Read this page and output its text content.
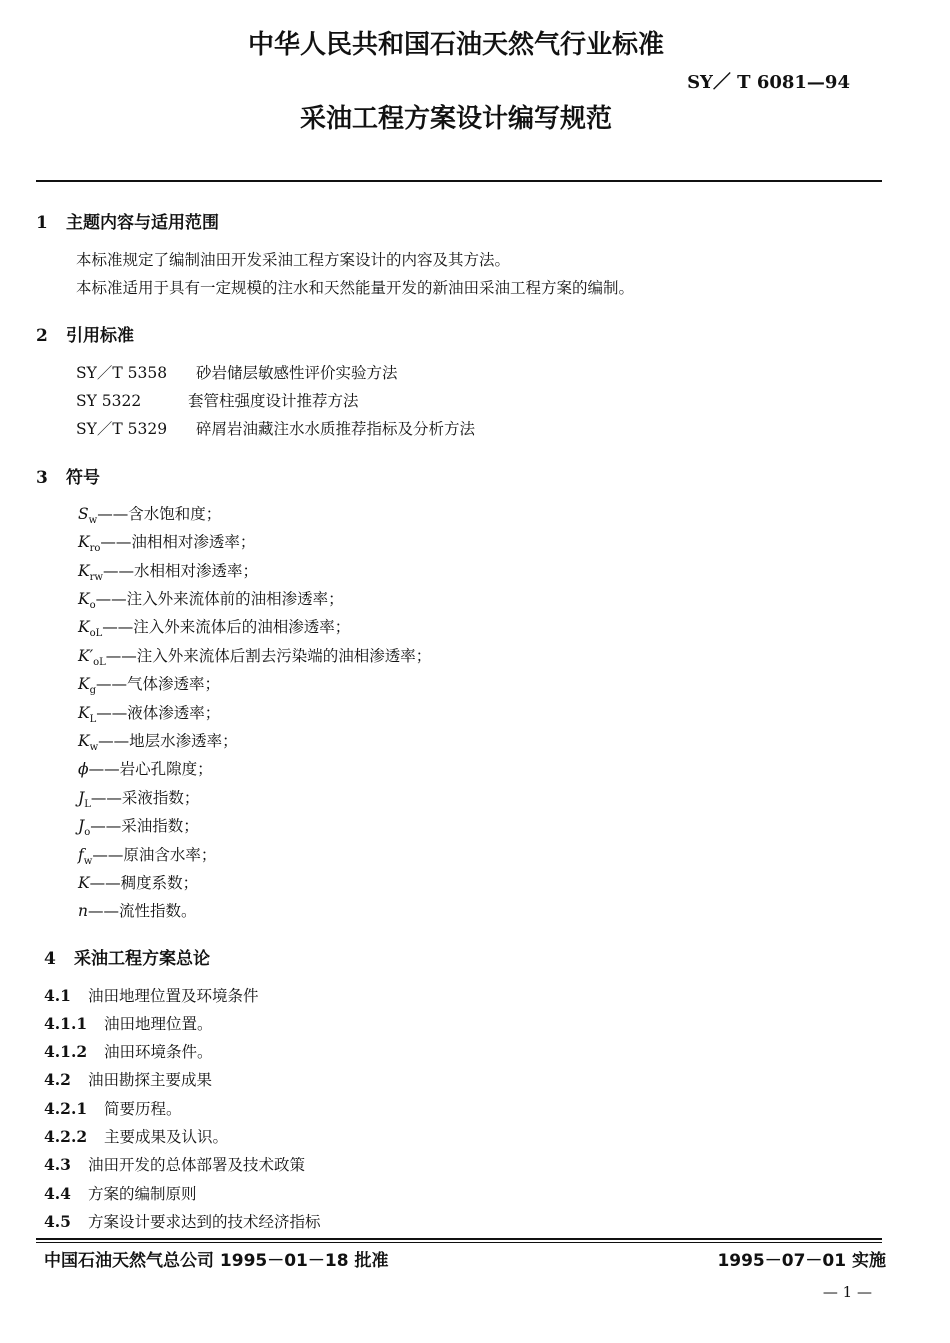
中华人民共和国石油天然气行业标准
SY／ T 6081—94
采油工程方案设计编写规范
1 主题内容与适用范围
本标准规定了编制油田开发采油工程方案设计的内容及其方法。
本标准适用于具有一定规模的注水和天然能量开发的新油田采油工程方案的编制。
2 引用标准
SY／T 5358 砂岩储层敏感性评价实验方法
SY 5322	套管柱强度设计推荐方法
SY／T 5329 碎屑岩油藏注水水质推荐指标及分析方法
3 符号
$S_w——$含水饱和度；
$K_{ro}——$油相相对渗透率；
$K_{rw}——$水相相对渗透率；
$K_o——$注入外来流体前的油相渗透率；
$K_{oL}——$注入外来流体后的油相渗透率；
$K'_{oL}——$注入外来流体后割去污染端的油相渗透率；
$K_g——$气体渗透率；
$K_L——$液体渗透率；
$K_w——$地层水渗透率；
ϕ——岩心孔隙度；
$J_L——$采液指数；
$J_o——$采油指数；
$f_w——$原油含水率；
K——稠度系数；
n——流性指数。
4 采油工程方案总论
4.1 油田地理位置及环境条件
4.1.1 油田地理位置。
4.1.2 油田环境条件。
4.2 油田勘探主要成果
4.2.1 简要历程。
4.2.2 主要成果及认识。
4.3 油田开发的总体部署及技术政策
4.4 方案的编制原则
4.5 方案设计要求达到的技术经济指标
中国石油天然气总公司 1995－01－18 批准	1995－07－01 实施
— 1 —
